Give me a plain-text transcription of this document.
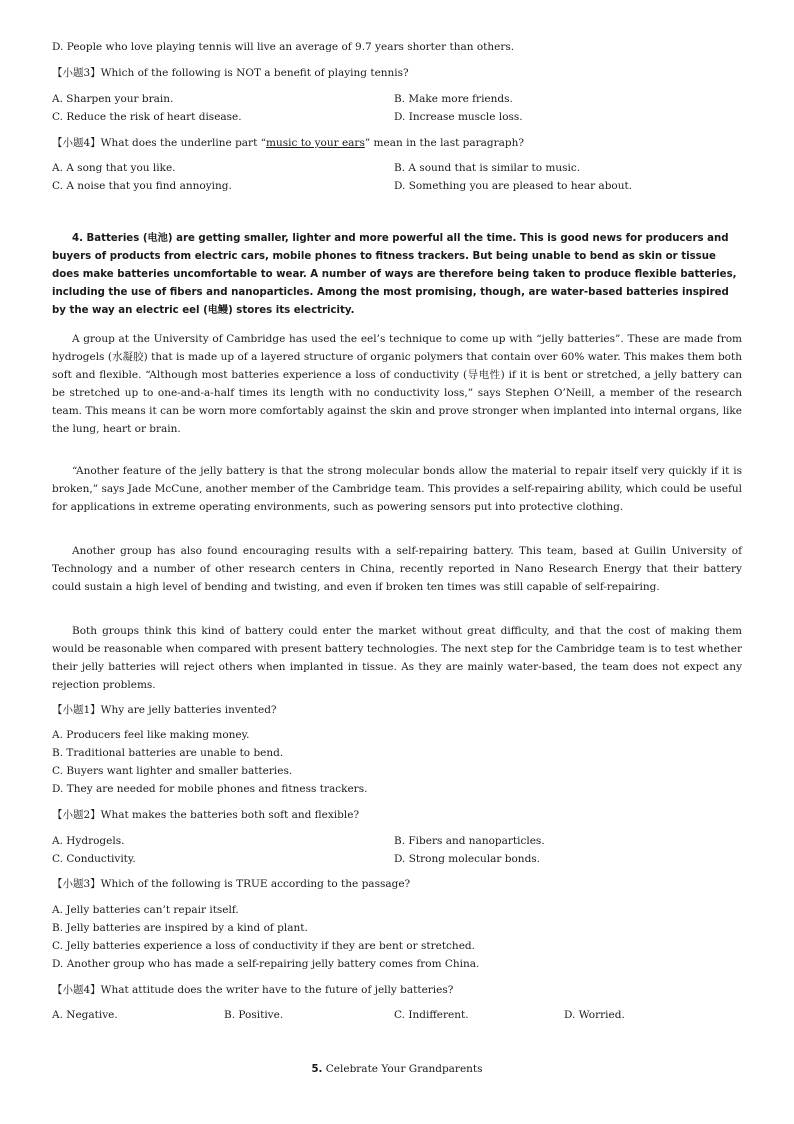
D. People who love playing tennis will live an average of 9.7 years shorter than others.
【小题3】Which of the following is NOT a benefit of playing tennis?
A. Sharpen your brain.	B. Make more friends.
C. Reduce the risk of heart disease.	D. Increase muscle loss.
【小题4】What does the underline part “music to your ears” mean in the last paragraph?
A. A song that you like.	B. A sound that is similar to music.
C. A noise that you find annoying.	D. Something you are pleased to hear about.
4. Batteries (电池) are getting smaller, lighter and more powerful all the time. This is good news for producers and buyers of products from electric cars, mobile phones to fitness trackers. But being unable to bend as skin or tissue does make batteries uncomfortable to wear. A number of ways are therefore being taken to produce flexible batteries, including the use of fibers and nanoparticles. Among the most promising, though, are water-based batteries inspired by the way an electric eel (电鳗) stores its electricity.
A group at the University of Cambridge has used the eel’s technique to come up with “jelly batteries”. These are made from hydrogels (水凝胶) that is made up of a layered structure of organic polymers that contain over 60% water. This makes them both soft and flexible. “Although most batteries experience a loss of conductivity (导电性) if it is bent or stretched, a jelly battery can be stretched up to one-and-a-half times its length with no conductivity loss,” says Stephen O’Neill, a member of the research team. This means it can be worn more comfortably against the skin and prove stronger when implanted into internal organs, like the lung, heart or brain.
“Another feature of the jelly battery is that the strong molecular bonds allow the material to repair itself very quickly if it is broken,” says Jade McCune, another member of the Cambridge team. This provides a self-repairing ability, which could be useful for applications in extreme operating environments, such as powering sensors put into protective clothing.
Another group has also found encouraging results with a self-repairing battery. This team, based at Guilin University of Technology and a number of other research centers in China, recently reported in Nano Research Energy that their battery could sustain a high level of bending and twisting, and even if broken ten times was still capable of self-repairing.
Both groups think this kind of battery could enter the market without great difficulty, and that the cost of making them would be reasonable when compared with present battery technologies. The next step for the Cambridge team is to test whether their jelly batteries will reject others when implanted in tissue. As they are mainly water-based, the team does not expect any rejection problems.
【小题1】Why are jelly batteries invented?
A. Producers feel like making money.
B. Traditional batteries are unable to bend.
C. Buyers want lighter and smaller batteries.
D. They are needed for mobile phones and fitness trackers.
【小题2】What makes the batteries both soft and flexible?
A. Hydrogels.	B. Fibers and nanoparticles.
C. Conductivity.	D. Strong molecular bonds.
【小题3】Which of the following is TRUE according to the passage?
A. Jelly batteries can’t repair itself.
B. Jelly batteries are inspired by a kind of plant.
C. Jelly batteries experience a loss of conductivity if they are bent or stretched.
D. Another group who has made a self-repairing jelly battery comes from China.
【小题4】What attitude does the writer have to the future of jelly batteries?
A. Negative.	B. Positive.	C. Indifferent.	D. Worried.
5. Celebrate Your Grandparents
